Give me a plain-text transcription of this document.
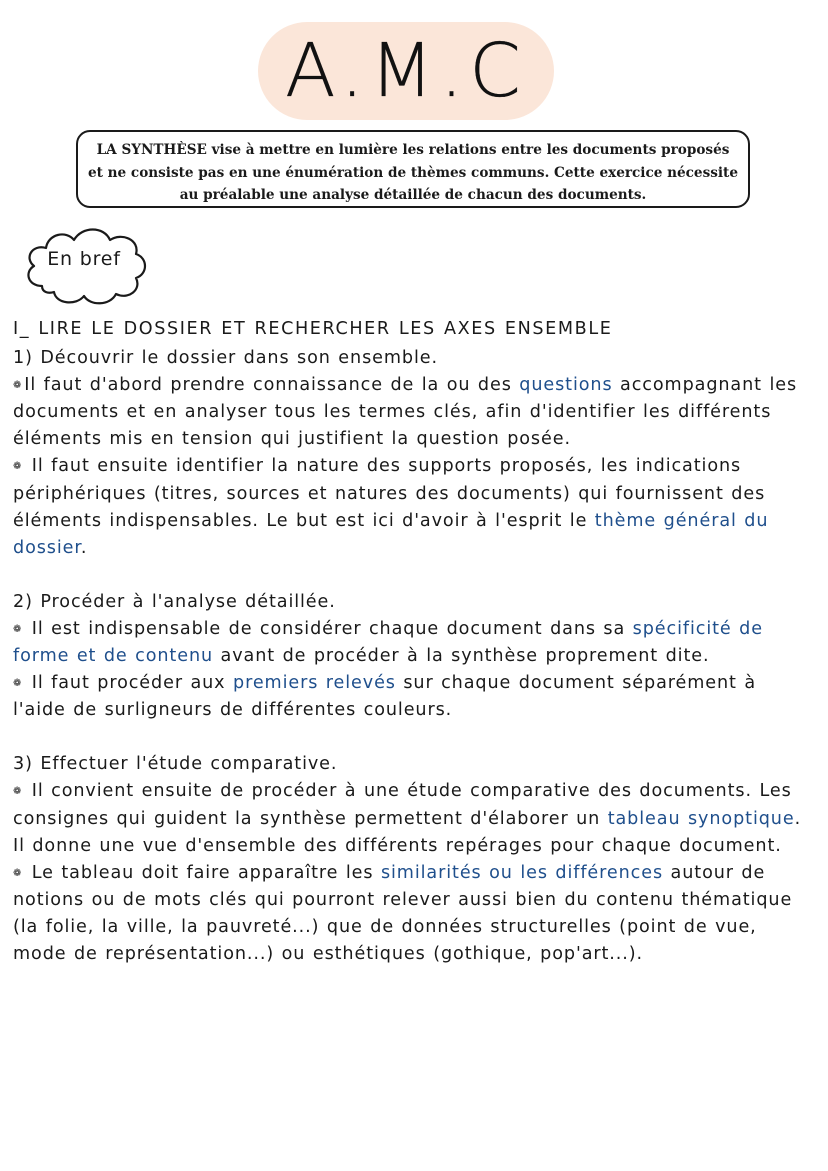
A.M.C
LA SYNTHÈSE vise à mettre en lumière les relations entre les documents proposés et ne consiste pas en une énumération de thèmes communs. Cette exercice nécessite au préalable une analyse détaillée de chacun des documents.
En bref

I_ LIRE LE DOSSIER ET RECHERCHER LES AXES ENSEMBLE

1) Découvrir le dossier dans son ensemble.

❁ Il faut d'abord prendre connaissance de la ou des questions accompagnant les documents et en analyser tous les termes clés, afin d'identifier les différents éléments mis en tension qui justifient la question posée.

❁ Il faut ensuite identifier la nature des supports proposés, les indications périphériques (titres, sources et natures des documents) qui fournissent des éléments indispensables. Le but est ici d'avoir à l'esprit le thème général du dossier.

2) Procéder à l'analyse détaillée.

❁ Il est indispensable de considérer chaque document dans sa spécificité de forme et de contenu avant de procéder à la synthèse proprement dite.

❁ Il faut procéder aux premiers relevés sur chaque document séparément à l'aide de surligneurs de différentes couleurs.

3) Effectuer l'étude comparative.

❁ Il convient ensuite de procéder à une étude comparative des documents. Les consignes qui guident la synthèse permettent d'élaborer un tableau synoptique. Il donne une vue d'ensemble des différents repérages pour chaque document.

❁ Le tableau doit faire apparaître les similarités ou les différences autour de notions ou de mots clés qui pourront relever aussi bien du contenu thématique (la folie, la ville, la pauvreté...) que de données structurelles (point de vue, mode de représentation...) ou esthétiques (gothique, pop'art...).
